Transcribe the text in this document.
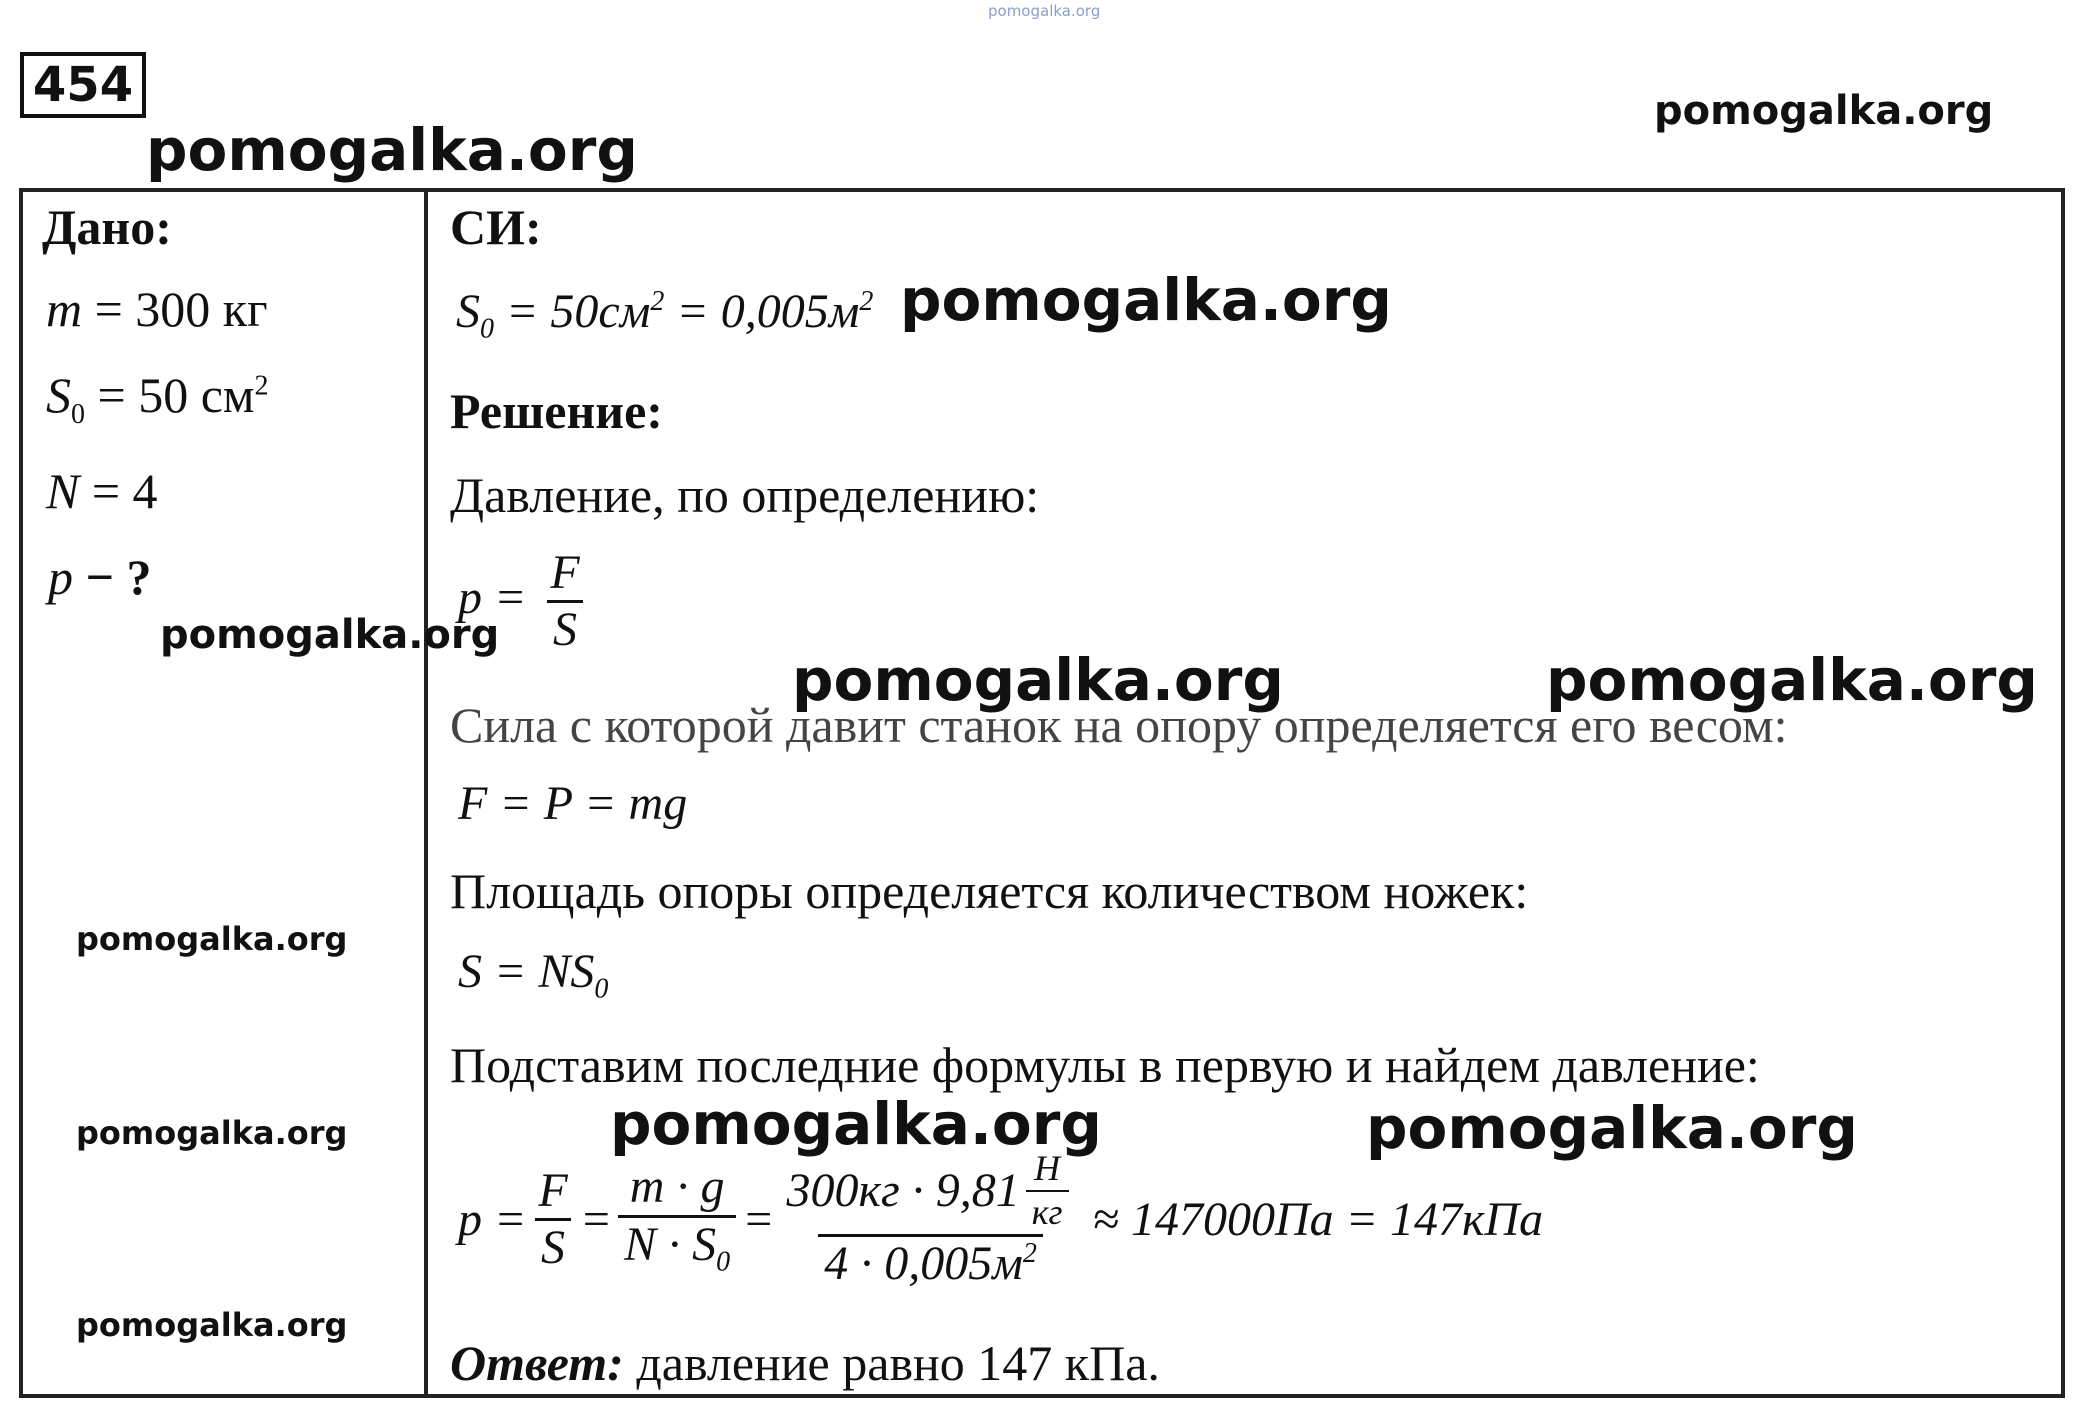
pomogalka.org
454
pomogalka.org
pomogalka.org
Дано:
m = 300 кг
$S_0 = 50$ $см^2$
N = 4
p − ?
pomogalka.org
pomogalka.org
pomogalka.org
pomogalka.org
СИ:
$S_0 = 50см^2 = 0,005м^2$ pomogalka.org
Решение:
Давление, по определению:
$p = \frac{F}{S}$
pomogalka.org	pomogalka.org
Сила с которой давит станок на опору определяется его весом:
F = P = mg
Площадь опоры определяется количеством ножек:
$S = NS_0$
Подставим последние формулы в первую и найдем давление:
pomogalka.org	pomogalka.org
$p = \frac{F}{S} = \frac{m \cdot g}{N \cdot S_0} = \frac{300кг \cdot 9,81 \frac{Н}{кг}}{4 \cdot 0,005м^2} \approx 147000Па = 147кПа$
Ответ: давление равно 147 кПа.
